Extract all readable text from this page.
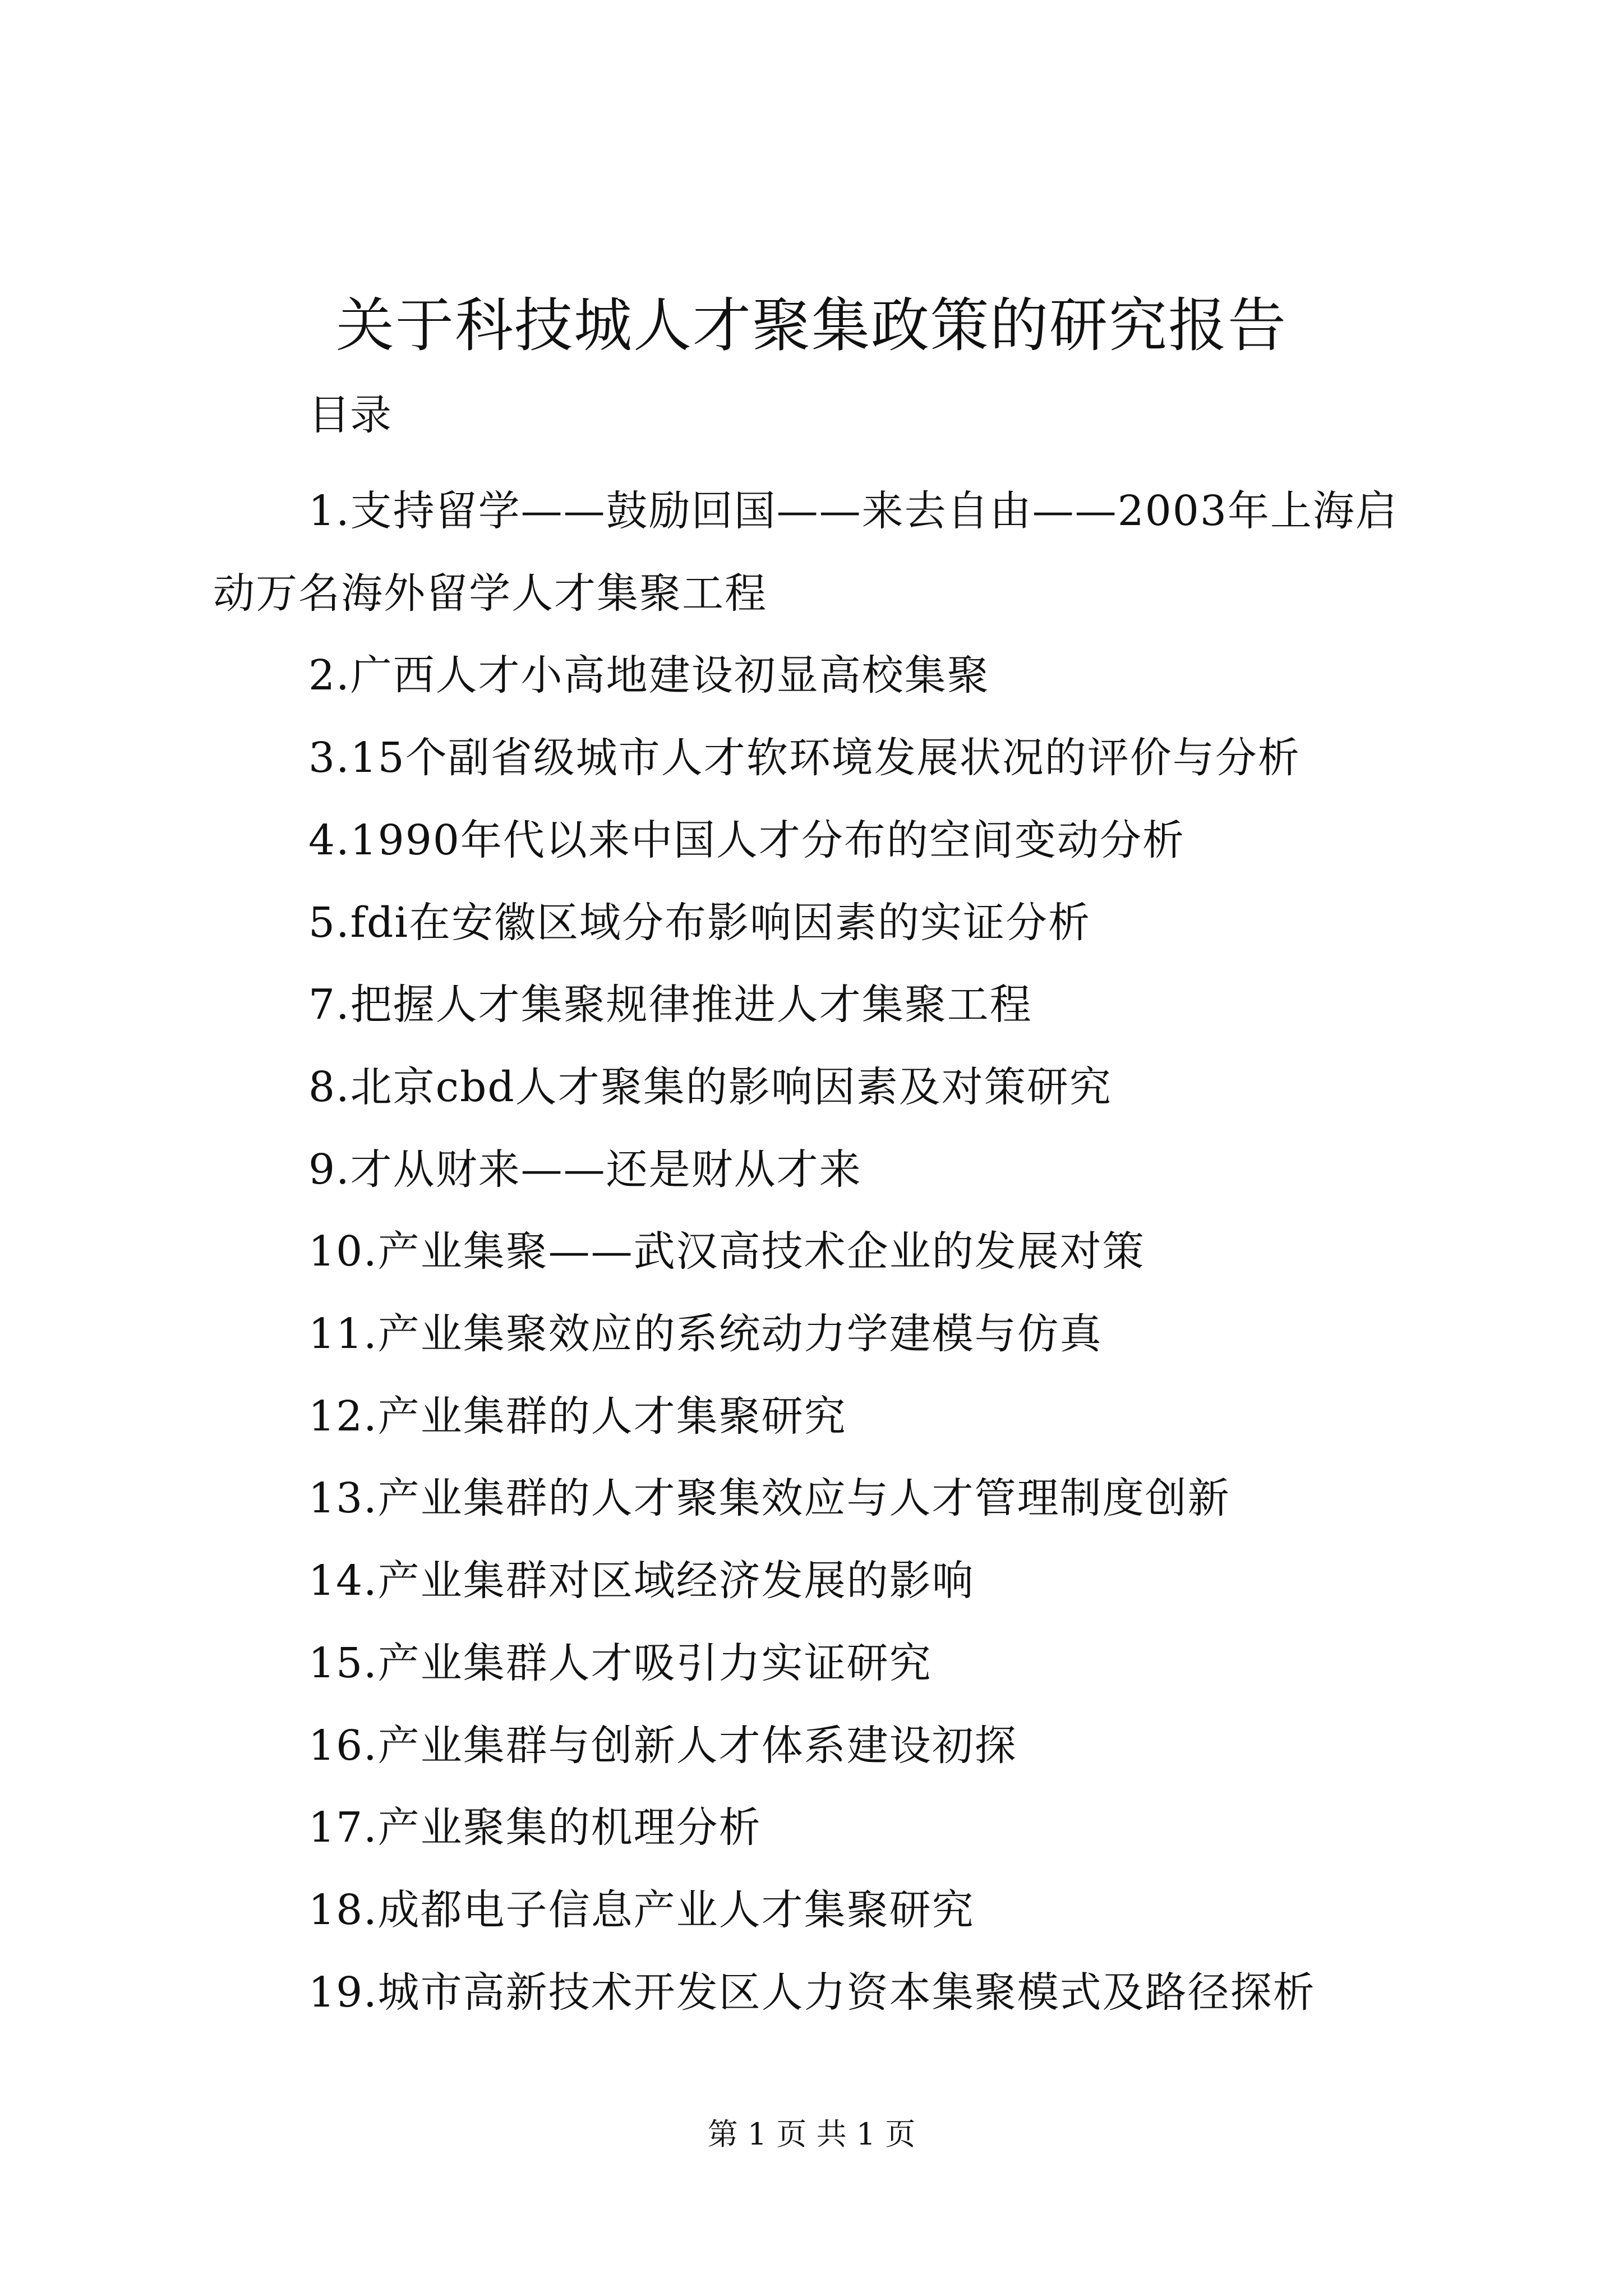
关于科技城人才聚集政策的研究报告

目录

1.支持留学——鼓励回国——来去自由——2003年上海启动万名海外留学人才集聚工程
2.广西人才小高地建设初显高校集聚
3.15个副省级城市人才软环境发展状况的评价与分析
4.1990年代以来中国人才分布的空间变动分析
5.fdi在安徽区域分布影响因素的实证分析
7.把握人才集聚规律推进人才集聚工程
8.北京cbd人才聚集的影响因素及对策研究
9.才从财来——还是财从才来
10.产业集聚——武汉高技术企业的发展对策
11.产业集聚效应的系统动力学建模与仿真
12.产业集群的人才集聚研究
13.产业集群的人才聚集效应与人才管理制度创新
14.产业集群对区域经济发展的影响
15.产业集群人才吸引力实证研究
16.产业集群与创新人才体系建设初探
17.产业聚集的机理分析
18.成都电子信息产业人才集聚研究
19.城市高新技术开发区人力资本集聚模式及路径探析

第 1 页 共 1 页
